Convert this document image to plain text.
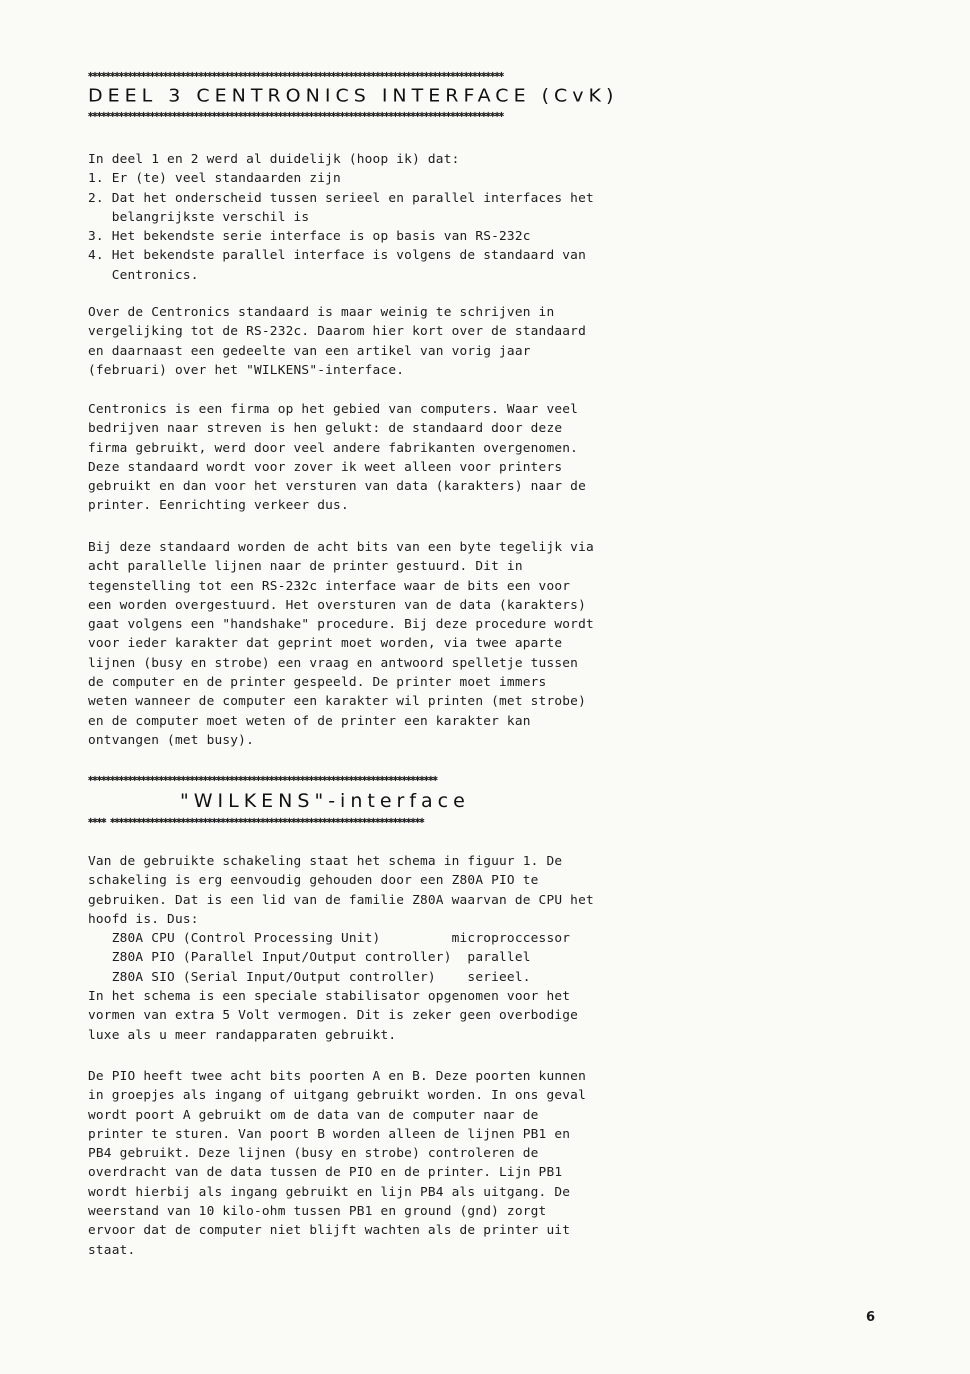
✱✱✱✱✱✱✱✱✱✱✱✱✱✱✱✱✱✱✱✱✱✱✱✱✱✱✱✱✱✱✱✱✱✱✱✱✱✱✱✱✱✱✱✱✱✱✱✱✱✱✱✱✱✱✱✱✱✱✱✱✱✱✱✱✱✱✱✱✱✱✱✱✱✱✱✱✱✱✱✱✱✱✱✱✱✱✱✱✱✱✱✱✱✱
DEEL 3 CENTRONICS INTERFACE (CvK)
✱✱✱✱✱✱✱✱✱✱✱✱✱✱✱✱✱✱✱✱✱✱✱✱✱✱✱✱✱✱✱✱✱✱✱✱✱✱✱✱✱✱✱✱✱✱✱✱✱✱✱✱✱✱✱✱✱✱✱✱✱✱✱✱✱✱✱✱✱✱✱✱✱✱✱✱✱✱✱✱✱✱✱✱✱✱✱✱✱✱✱✱✱✱
In deel 1 en 2 werd al duidelijk (hoop ik) dat:
1. Er (te) veel standaarden zijn
2. Dat het onderscheid tussen serieel en parallel interfaces het
belangrijkste verschil is
3. Het bekendste serie interface is op basis van RS-232c
4. Het bekendste parallel interface is volgens de standaard van
Centronics.
Over de Centronics standaard is maar weinig te schrijven in
vergelijking tot de RS-232c. Daarom hier kort over de standaard
en daarnaast een gedeelte van een artikel van vorig jaar
(februari) over het "WILKENS"-interface.
Centronics is een firma op het gebied van computers. Waar veel
bedrijven naar streven is hen gelukt: de standaard door deze
firma gebruikt, werd door veel andere fabrikanten overgenomen.
Deze standaard wordt voor zover ik weet alleen voor printers
gebruikt en dan voor het versturen van data (karakters) naar de
printer. Eenrichting verkeer dus.
Bij deze standaard worden de acht bits van een byte tegelijk via
acht parallelle lijnen naar de printer gestuurd. Dit in
tegenstelling tot een RS-232c interface waar de bits een voor
een worden overgestuurd. Het oversturen van de data (karakters)
gaat volgens een "handshake" procedure. Bij deze procedure wordt
voor ieder karakter dat geprint moet worden, via twee aparte
lijnen (busy en strobe) een vraag en antwoord spelletje tussen
de computer en de printer gespeeld. De printer moet immers
weten wanneer de computer een karakter wil printen (met strobe)
en de computer moet weten of de printer een karakter kan
ontvangen (met busy).
✱✱✱✱✱✱✱✱✱✱✱✱✱✱✱✱✱✱✱✱✱✱✱✱✱✱✱✱✱✱✱✱✱✱✱✱✱✱✱✱✱✱✱✱✱✱✱✱✱✱✱✱✱✱✱✱✱✱✱✱✱✱✱✱✱✱✱✱✱✱✱✱✱✱✱✱✱✱✱
"WILKENS"-interface
✱✱✱✱ ✱✱✱✱✱✱✱✱✱✱✱✱✱✱✱✱✱✱✱✱✱✱✱✱✱✱✱✱✱✱✱✱✱✱✱✱✱✱✱✱✱✱✱✱✱✱✱✱✱✱✱✱✱✱✱✱✱✱✱✱✱✱✱✱✱✱✱✱✱✱✱
Van de gebruikte schakeling staat het schema in figuur 1. De
schakeling is erg eenvoudig gehouden door een Z80A PIO te
gebruiken. Dat is een lid van de familie Z80A waarvan de CPU het
hoofd is. Dus:
Z80A CPU (Control Processing Unit)         microproccessor
Z80A PIO (Parallel Input/Output controller)  parallel
Z80A SIO (Serial Input/Output controller)    serieel.
In het schema is een speciale stabilisator opgenomen voor het
vormen van extra 5 Volt vermogen. Dit is zeker geen overbodige
luxe als u meer randapparaten gebruikt.
De PIO heeft twee acht bits poorten A en B. Deze poorten kunnen
in groepjes als ingang of uitgang gebruikt worden. In ons geval
wordt poort A gebruikt om de data van de computer naar de
printer te sturen. Van poort B worden alleen de lijnen PB1 en
PB4 gebruikt. Deze lijnen (busy en strobe) controleren de
overdracht van de data tussen de PIO en de printer. Lijn PB1
wordt hierbij als ingang gebruikt en lijn PB4 als uitgang. De
weerstand van 10 kilo-ohm tussen PB1 en ground (gnd) zorgt
ervoor dat de computer niet blijft wachten als de printer uit
staat.
6
